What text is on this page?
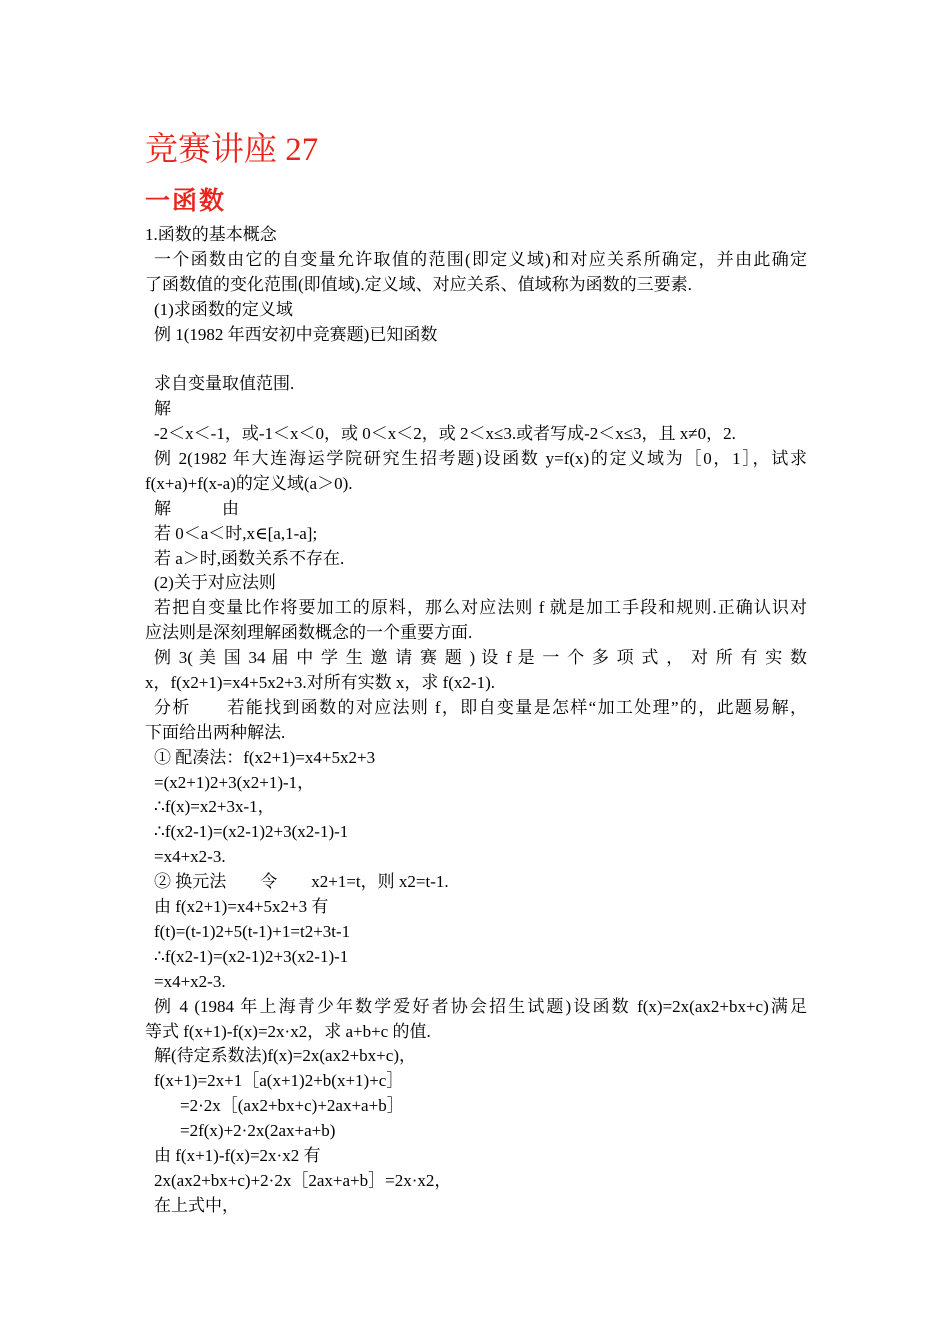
竞赛讲座 27
一函数
1.函数的基本概念
一个函数由它的自变量允许取值的范围(即定义域)和对应关系所确定，并由此确定
了函数值的变化范围(即值域).定义域、对应关系、值域称为函数的三要素.
(1)求函数的定义域
例 1(1982 年西安初中竞赛题)已知函数
求自变量取值范围.
解
-2＜x＜-1，或-1＜x＜0，或 0＜x＜2，或 2＜x≤3.或者写成-2＜x≤3，且 x≠0，2.
例 2(1982 年大连海运学院研究生招考题)设函数 y=f(x)的定义域为［0，1］，试求
f(x+a)+f(x-a)的定义域(a＞0).
解　　　由
若 0＜a＜时,x∈[a,1-a];
若 a＞时,函数关系不存在.
(2)关于对应法则
若把自变量比作将要加工的原料，那么对应法则 f 就是加工手段和规则.正确认识对
应法则是深刻理解函数概念的一个重要方面.
例 3( 美 国 34 届 中 学 生 邀 请 赛 题 ) 设 f 是 一 个 多 项 式 ， 对 所 有 实 数
x，f(x2+1)=x4+5x2+3.对所有实数 x，求 f(x2-1).
分析　　若能找到函数的对应法则 f，即自变量是怎样“加工处理”的，此题易解，
下面给出两种解法.
① 配凑法：f(x2+1)=x4+5x2+3
=(x2+1)2+3(x2+1)-1，
∴f(x)=x2+3x-1，
∴f(x2-1)=(x2-1)2+3(x2-1)-1
=x4+x2-3.
② 换元法　　令　　x2+1=t，则 x2=t-1.
由 f(x2+1)=x4+5x2+3 有
f(t)=(t-1)2+5(t-1)+1=t2+3t-1
∴f(x2-1)=(x2-1)2+3(x2-1)-1
=x4+x2-3.
例 4 (1984 年上海青少年数学爱好者协会招生试题)设函数 f(x)=2x(ax2+bx+c)满足
等式 f(x+1)-f(x)=2x·x2，求 a+b+c 的值.
解(待定系数法)f(x)=2x(ax2+bx+c)，
f(x+1)=2x+1［a(x+1)2+b(x+1)+c］
=2·2x［(ax2+bx+c)+2ax+a+b］
=2f(x)+2·2x(2ax+a+b)
由 f(x+1)-f(x)=2x·x2 有
2x(ax2+bx+c)+2·2x［2ax+a+b］=2x·x2，
在上式中，
